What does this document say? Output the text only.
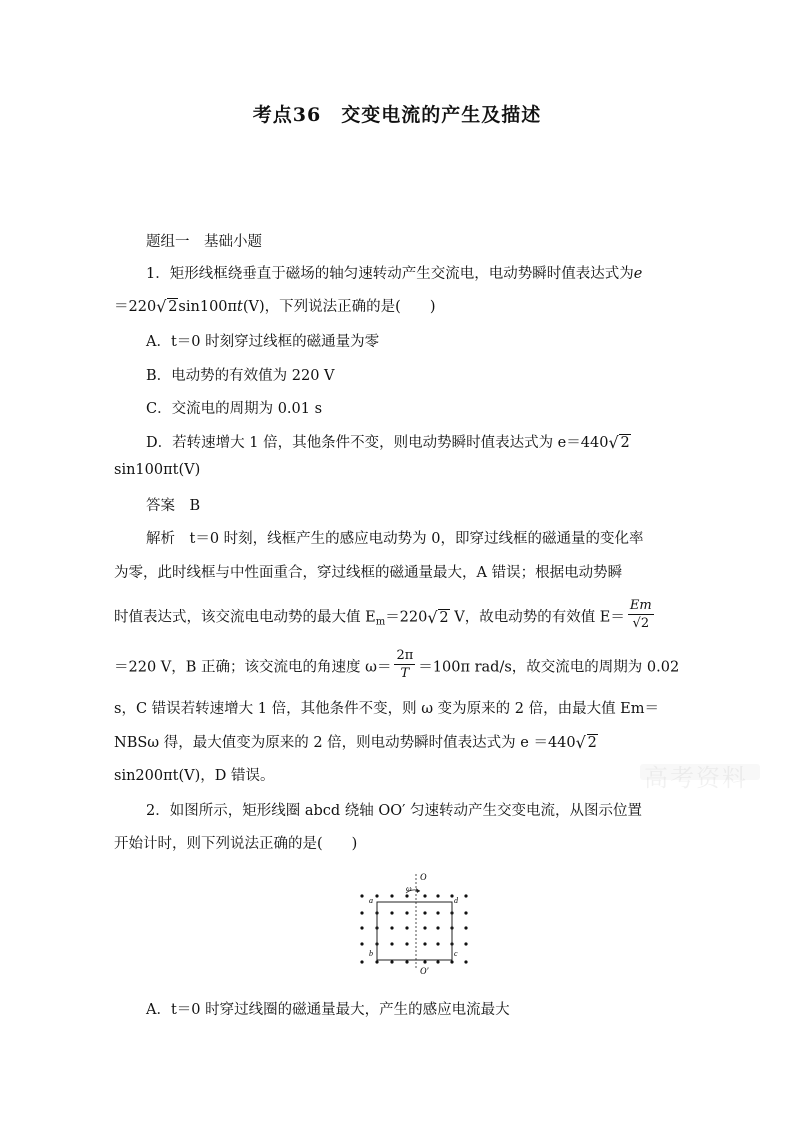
考点36　交变电流的产生及描述
题组一　基础小题
1．矩形线框绕垂直于磁场的轴匀速转动产生交流电，电动势瞬时值表达式为e
＝220√ 2sin100πt(V)，下列说法正确的是(　　)
A．t＝0 时刻穿过线框的磁通量为零
B．电动势的有效值为 220 V
C．交流电的周期为 0.01 s
D．若转速增大 1 倍，其他条件不变，则电动势瞬时值表达式为 e＝440√ 2
sin100πt(V)
答案　 B
解析　t＝0 时刻，线框产生的感应电动势为 0，即穿过线框的磁通量的变化率
为零，此时线框与中性面重合，穿过线框的磁通量最大，A 错误；根据电动势瞬
时值表达式，该交流电电动势的最大值 $E_m=220√$ 2 V，故电动势的有效值 $E= \frac{Em}{√2}$
＝220 V，B 正确；该交流电的角速度 $\omega= \frac{2\pi}{T} =100\pi$ rad/s，故交流电的周期为 0.02
s，C 错误若转速增大 1 倍，其他条件不变，则 ω 变为原来的 2 倍，由最大值 Em＝
NBSω 得，最大值变为原来的 2 倍，则电动势瞬时值表达式为 e ＝440√ 2
sin200πt(V)，D 错误。	高考资料
2．如图所示，矩形线圈 abcd 绕轴 OO′ 匀速转动产生交变电流，从图示位置
开始计时，则下列说法正确的是(　　)
O
O′
ω
a
b	c
d
A．t＝0 时穿过线圈的磁通量最大，产生的感应电流最大
